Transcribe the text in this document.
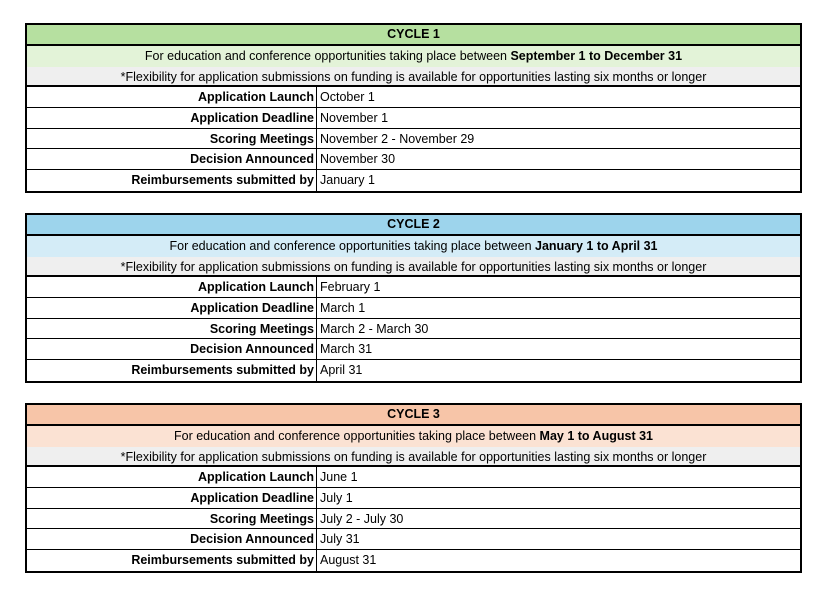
CYCLE 1
For education and conference opportunities taking place between September 1 to December 31
*Flexibility for application submissions on funding is available for opportunities lasting six months or longer
Application Launch October 1
Application Deadline November 1
Scoring Meetings November 2 - November 29
Decision Announced November 30
Reimbursements submitted by January 1
CYCLE 2
For education and conference opportunities taking place between January 1 to April 31
*Flexibility for application submissions on funding is available for opportunities lasting six months or longer
Application Launch February 1
Application Deadline March 1
Scoring Meetings March 2 - March 30
Decision Announced March 31
Reimbursements submitted by April 31
CYCLE 3
For education and conference opportunities taking place between May 1 to August 31
*Flexibility for application submissions on funding is available for opportunities lasting six months or longer
Application Launch June 1
Application Deadline July 1
Scoring Meetings July 2 - July 30
Decision Announced July 31
Reimbursements submitted by August 31
